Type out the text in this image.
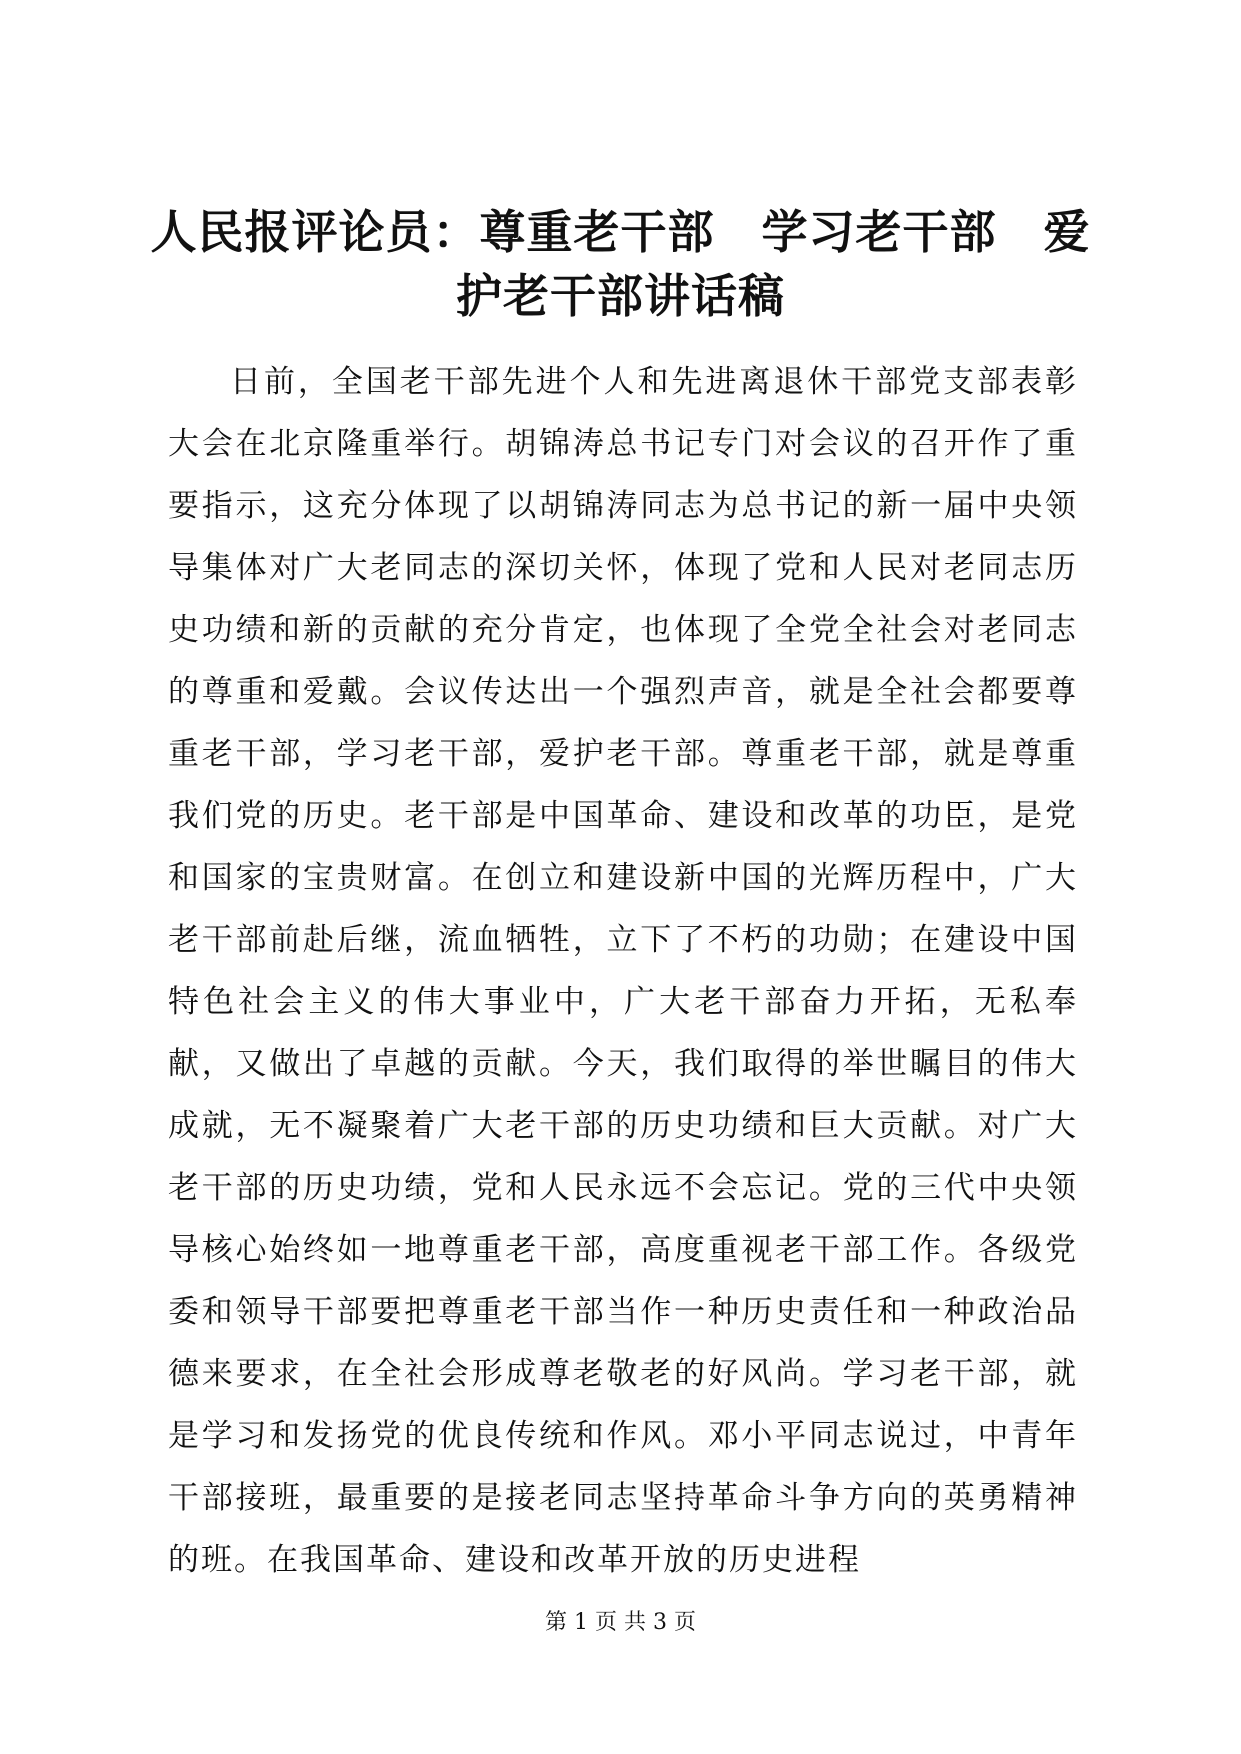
人民报评论员：尊重老干部　学习老干部　爱护老干部讲话稿

日前，全国老干部先进个人和先进离退休干部党支部表彰大会在北京隆重举行。胡锦涛总书记专门对会议的召开作了重要指示，这充分体现了以胡锦涛同志为总书记的新一届中央领导集体对广大老同志的深切关怀，体现了党和人民对老同志历史功绩和新的贡献的充分肯定，也体现了全党全社会对老同志的尊重和爱戴。会议传达出一个强烈声音，就是全社会都要尊重老干部，学习老干部，爱护老干部。尊重老干部，就是尊重我们党的历史。老干部是中国革命、建设和改革的功臣，是党和国家的宝贵财富。在创立和建设新中国的光辉历程中，广大老干部前赴后继，流血牺牲，立下了不朽的功勋；在建设中国特色社会主义的伟大事业中，广大老干部奋力开拓，无私奉献，又做出了卓越的贡献。今天，我们取得的举世瞩目的伟大成就，无不凝聚着广大老干部的历史功绩和巨大贡献。对广大老干部的历史功绩，党和人民永远不会忘记。党的三代中央领导核心始终如一地尊重老干部，高度重视老干部工作。各级党委和领导干部要把尊重老干部当作一种历史责任和一种政治品德来要求，在全社会形成尊老敬老的好风尚。学习老干部，就是学习和发扬党的优良传统和作风。邓小平同志说过，中青年干部接班，最重要的是接老同志坚持革命斗争方向的英勇精神的班。在我国革命、建设和改革开放的历史进程

第 1 页 共 3 页
